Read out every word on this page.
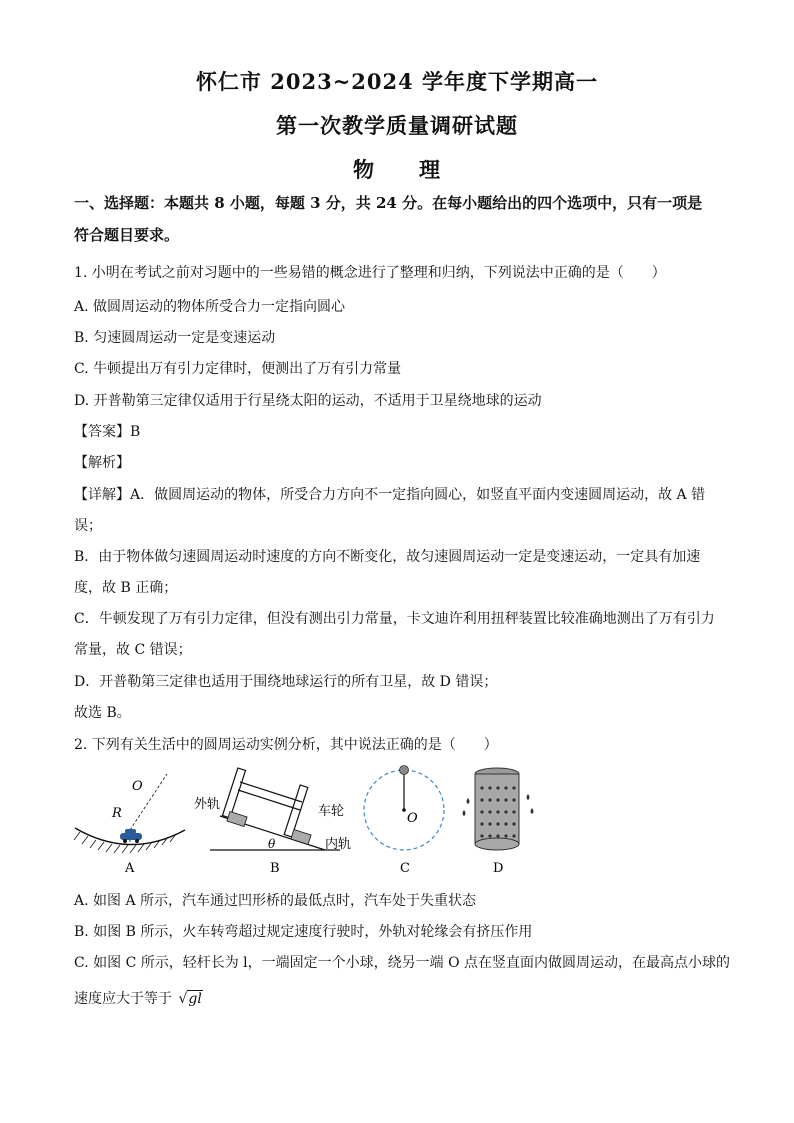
怀仁市 2023~2024 学年度下学期高一
第一次教学质量调研试题
物　　理
一、选择题：本题共 8 小题，每题 3 分，共 24 分。在每小题给出的四个选项中，只有一项是
符合题目要求。
1. 小明在考试之前对习题中的一些易错的概念进行了整理和归纳，下列说法中正确的是（　　）
A. 做圆周运动的物体所受合力一定指向圆心
B. 匀速圆周运动一定是变速运动
C. 牛顿提出万有引力定律时，便测出了万有引力常量
D. 开普勒第三定律仅适用于行星绕太阳的运动，不适用于卫星绕地球的运动
【答案】B
【解析】
【详解】A．做圆周运动的物体，所受合力方向不一定指向圆心，如竖直平面内变速圆周运动，故 A 错
误；
B．由于物体做匀速圆周运动时速度的方向不断变化，故匀速圆周运动一定是变速运动，一定具有加速
度，故 B 正确；
C．牛顿发现了万有引力定律，但没有测出引力常量，卡文迪许利用扭秤装置比较准确地测出了万有引力
常量，故 C 错误；
D．开普勒第三定律也适用于围绕地球运行的所有卫星，故 D 错误；
故选 B。
2. 下列有关生活中的圆周运动实例分析，其中说法正确的是（　　）
O
R
外轨	车轮
θ	内轨
O
A	B	C	D
A. 如图 A 所示，汽车通过凹形桥的最低点时，汽车处于失重状态
B. 如图 B 所示，火车转弯超过规定速度行驶时，外轨对轮缘会有挤压作用
C. 如图 C 所示，轻杆长为 l，一端固定一个小球，绕另一端 O 点在竖直面内做圆周运动，在最高点小球的
速度应大于等于 √gl
